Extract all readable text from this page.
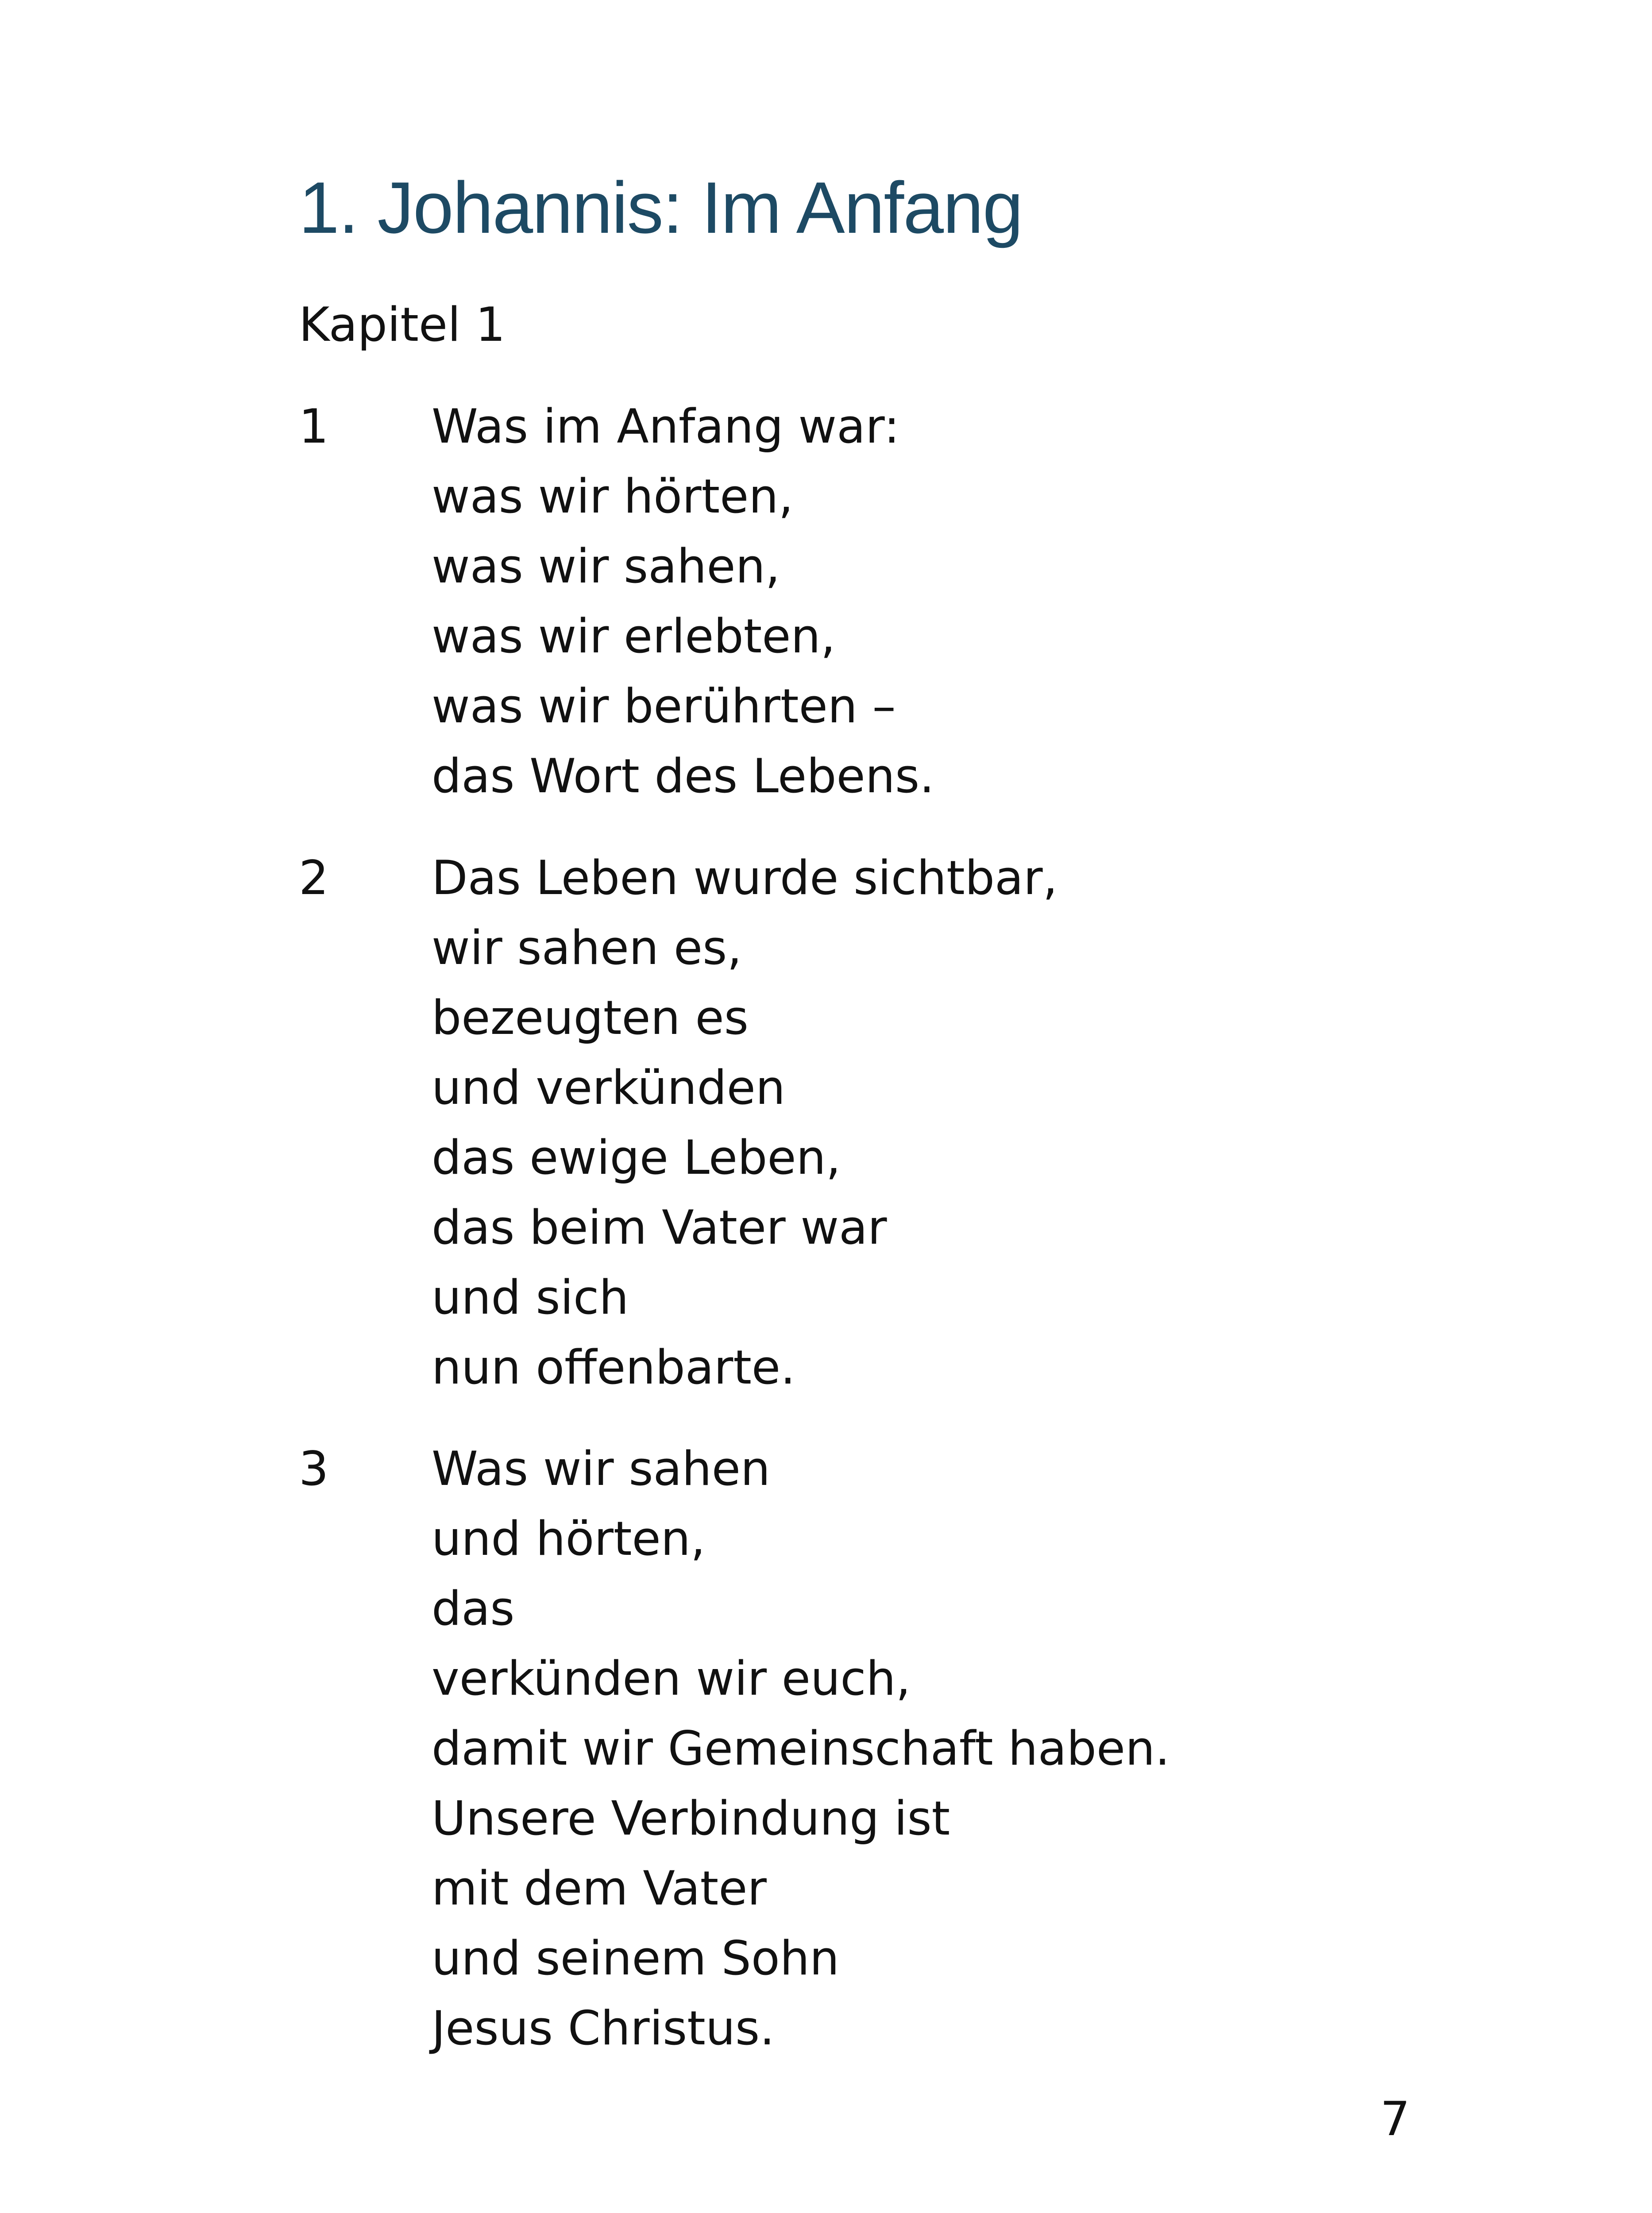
1. Johannis: Im Anfang
Kapitel 1
1 Was im Anfang war:
was wir hörten,
was wir sahen,
was wir erlebten,
was wir berührten –
das Wort des Lebens.
2 Das Leben wurde sichtbar,
wir sahen es,
bezeugten es
und verkünden
das ewige Leben,
das beim Vater war
und sich
nun offenbarte.
3 Was wir sahen
und hörten,
das
verkünden wir euch,
damit wir Gemeinschaft haben.
Unsere Verbindung ist
mit dem Vater
und seinem Sohn
Jesus Christus.
7
